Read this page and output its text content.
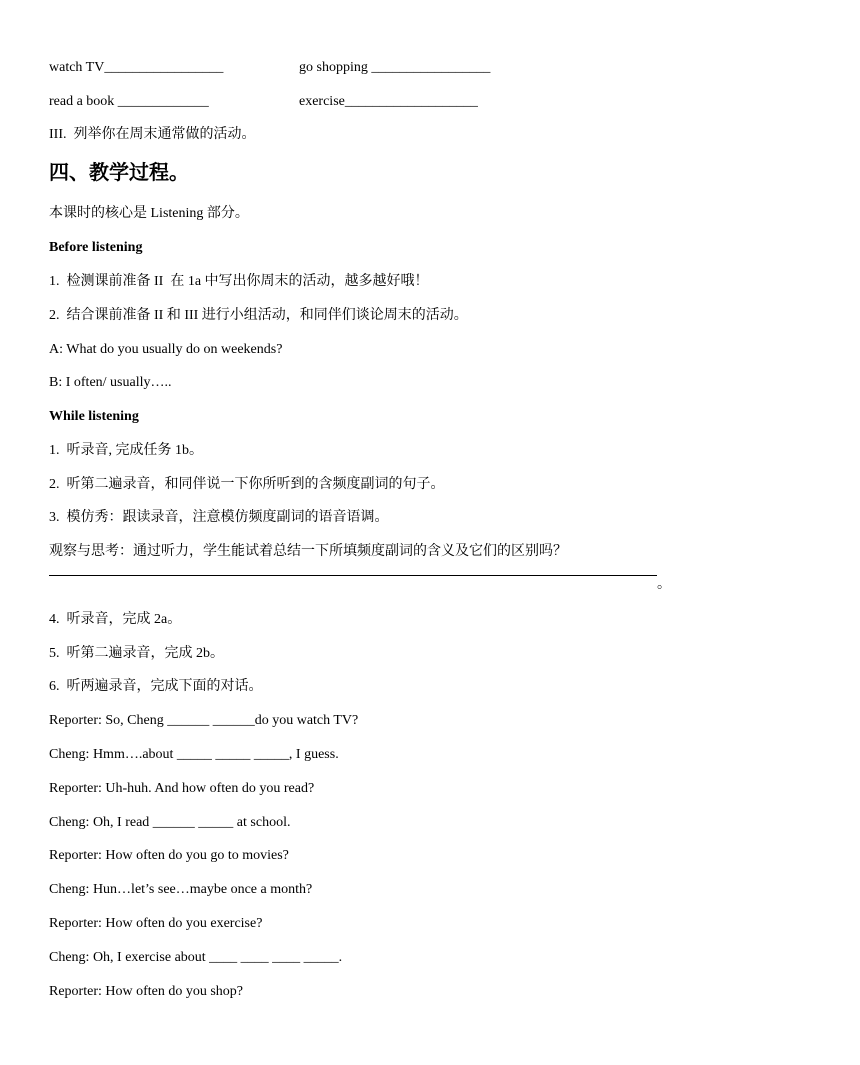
watch TV_________________	go shopping _________________
read a book _____________	exercise___________________
III.  列举你在周末通常做的活动。
四、教学过程。
本课时的核心是 Listening 部分。
Before listening
1.  检测课前准备 II  在 1a 中写出你周末的活动，越多越好哦！
2.  结合课前准备 II 和 III 进行小组活动，和同伴们谈论周末的活动。
A: What do you usually do on weekends?
B: I often/ usually…..
While listening
1.  听录音, 完成任务 1b。
2.  听第二遍录音，和同伴说一下你所听到的含频度副词的句子。
3.  模仿秀：跟读录音，注意模仿频度副词的语音语调。
观察与思考：通过听力，学生能试着总结一下所填频度副词的含义及它们的区别吗？
。
4.  听录音，完成 2a。
5.  听第二遍录音，完成 2b。
6.  听两遍录音，完成下面的对话。
Reporter: So, Cheng ______ ______do you watch TV?
Cheng: Hmm….about _____ _____ _____, I guess.
Reporter: Uh-huh. And how often do you read?
Cheng: Oh, I read ______ _____ at school.
Reporter: How often do you go to movies?
Cheng: Hun…let’s see…maybe once a month?
Reporter: How often do you exercise?
Cheng: Oh, I exercise about ____ ____ ____ _____.
Reporter: How often do you shop?
